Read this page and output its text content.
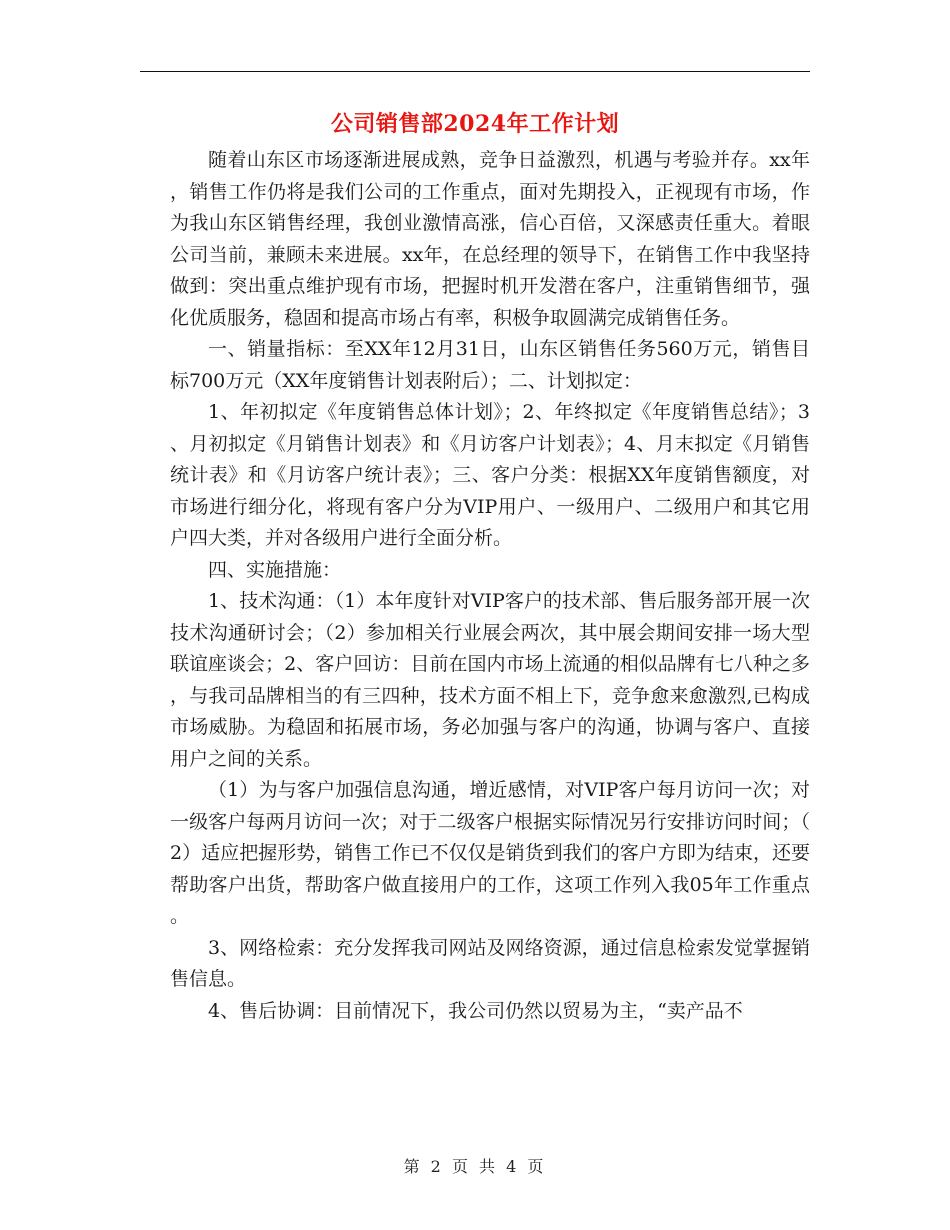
公司销售部2024年工作计划

随着山东区市场逐渐进展成熟，竞争日益激烈，机遇与考验并存。xx年，销售工作仍将是我们公司的工作重点，面对先期投入，正视现有市场，作为我山东区销售经理，我创业激情高涨，信心百倍，又深感责任重大。着眼公司当前，兼顾未来进展。xx年，在总经理的领导下，在销售工作中我坚持做到：突出重点维护现有市场，把握时机开发潜在客户，注重销售细节，强化优质服务，稳固和提高市场占有率，积极争取圆满完成销售任务。

一、销量指标：至XX年12月31日，山东区销售任务560万元，销售目标700万元（XX年度销售计划表附后）；二、计划拟定：

1、年初拟定《年度销售总体计划》；2、年终拟定《年度销售总结》；3、月初拟定《月销售计划表》和《月访客户计划表》；4、月末拟定《月销售统计表》和《月访客户统计表》；三、客户分类：根据XX年度销售额度，对市场进行细分化，将现有客户分为VIP用户、一级用户、二级用户和其它用户四大类，并对各级用户进行全面分析。

四、实施措施：

1、技术沟通：（1）本年度针对VIP客户的技术部、售后服务部开展一次技术沟通研讨会；（2）参加相关行业展会两次，其中展会期间安排一场大型联谊座谈会；2、客户回访：目前在国内市场上流通的相似品牌有七八种之多，与我司品牌相当的有三四种，技术方面不相上下，竞争愈来愈激烈,已构成市场威胁。为稳固和拓展市场，务必加强与客户的沟通，协调与客户、直接用户之间的关系。

（1）为与客户加强信息沟通，增近感情，对VIP客户每月访问一次；对一级客户每两月访问一次；对于二级客户根据实际情况另行安排访问时间；（2）适应把握形势，销售工作已不仅仅是销货到我们的客户方即为结束，还要帮助客户出货，帮助客户做直接用户的工作，这项工作列入我05年工作重点。

3、网络检索：充分发挥我司网站及网络资源，通过信息检索发觉掌握销售信息。

4、售后协调：目前情况下，我公司仍然以贸易为主，“卖产品不

第 2 页 共 4 页
